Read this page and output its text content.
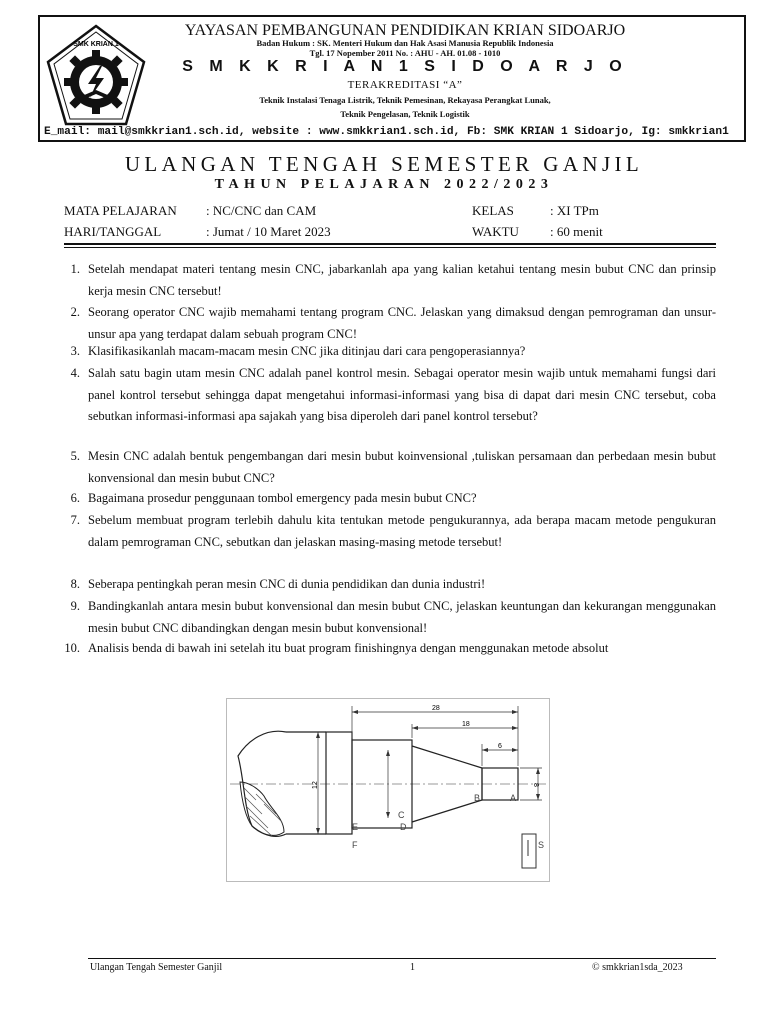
SMK KRIAN 1
YAYASAN PEMBANGUNAN PENDIDIKAN KRIAN SIDOARJO
Badan Hukum : SK. Menteri Hukum dan Hak Asasi Manusia Republik Indonesia
Tgl. 17 Nopember 2011 No. : AHU - AH. 01.08 - 1010
S M K K R I A N 1 S I D O A R J O
TERAKREDITASI “A”
Teknik Instalasi Tenaga Listrik, Teknik Pemesinan, Rekayasa Perangkat Lunak,
Teknik Pengelasan, Teknik Logistik
E_mail: mail@smkkrian1.sch.id, website : www.smkkrian1.sch.id, Fb: SMK KRIAN 1 Sidoarjo, Ig: smkkrian1
ULANGAN TENGAH SEMESTER GANJIL
TAHUN PELAJARAN 2022/2023
MATA PELAJARAN : NC/CNC dan CAM	KELAS	: XI TPm
HARI/TANGGAL	: Jumat / 10 Maret 2023	WAKTU : 60 menit
1. Setelah mendapat materi tentang mesin CNC, jabarkanlah apa yang kalian ketahui tentang mesin bubut CNC dan prinsip kerja mesin CNC tersebut!
2. Seorang operator CNC wajib memahami tentang program CNC. Jelaskan yang dimaksud dengan pemrograman dan unsur-unsur apa yang terdapat dalam sebuah program CNC!
3. Klasifikasikanlah macam-macam mesin CNC jika ditinjau dari cara pengoperasiannya?
4. Salah satu bagin utam mesin CNC adalah panel kontrol mesin. Sebagai operator mesin wajib untuk memahami fungsi dari panel kontrol tersebut sehingga dapat mengetahui informasi-informasi yang bisa di dapat dari mesin CNC tersebut, coba sebutkan informasi-informasi apa sajakah yang bisa diperoleh dari panel kontrol tersebut?
5. Mesin CNC adalah bentuk pengembangan dari mesin bubut koinvensional ,tuliskan persamaan dan perbedaan mesin bubut konvensional dan mesin bubut CNC?
6. Bagaimana prosedur penggunaan tombol emergency pada mesin bubut CNC?
7. Sebelum membuat program terlebih dahulu kita tentukan metode pengukurannya, ada berapa macam metode pengukuran dalam pemrograman CNC, sebutkan dan jelaskan masing-masing metode tersebut!
8. Seberapa pentingkah peran mesin CNC di dunia pendidikan dan dunia industri!
9. Bandingkanlah antara mesin bubut konvensional dan mesin bubut CNC, jelaskan keuntungan dan kekurangan menggunakan mesin bubut CNC dibandingkan dengan mesin bubut konvensional!
10. Analisis benda di bawah ini setelah itu buat program finishingnya dengan menggunakan metode absolut
28
18
6
8
12
A
B
C
D
E
F	S
Ulangan Tengah Semester Ganjil	1	© smkkrian1sda_2023
